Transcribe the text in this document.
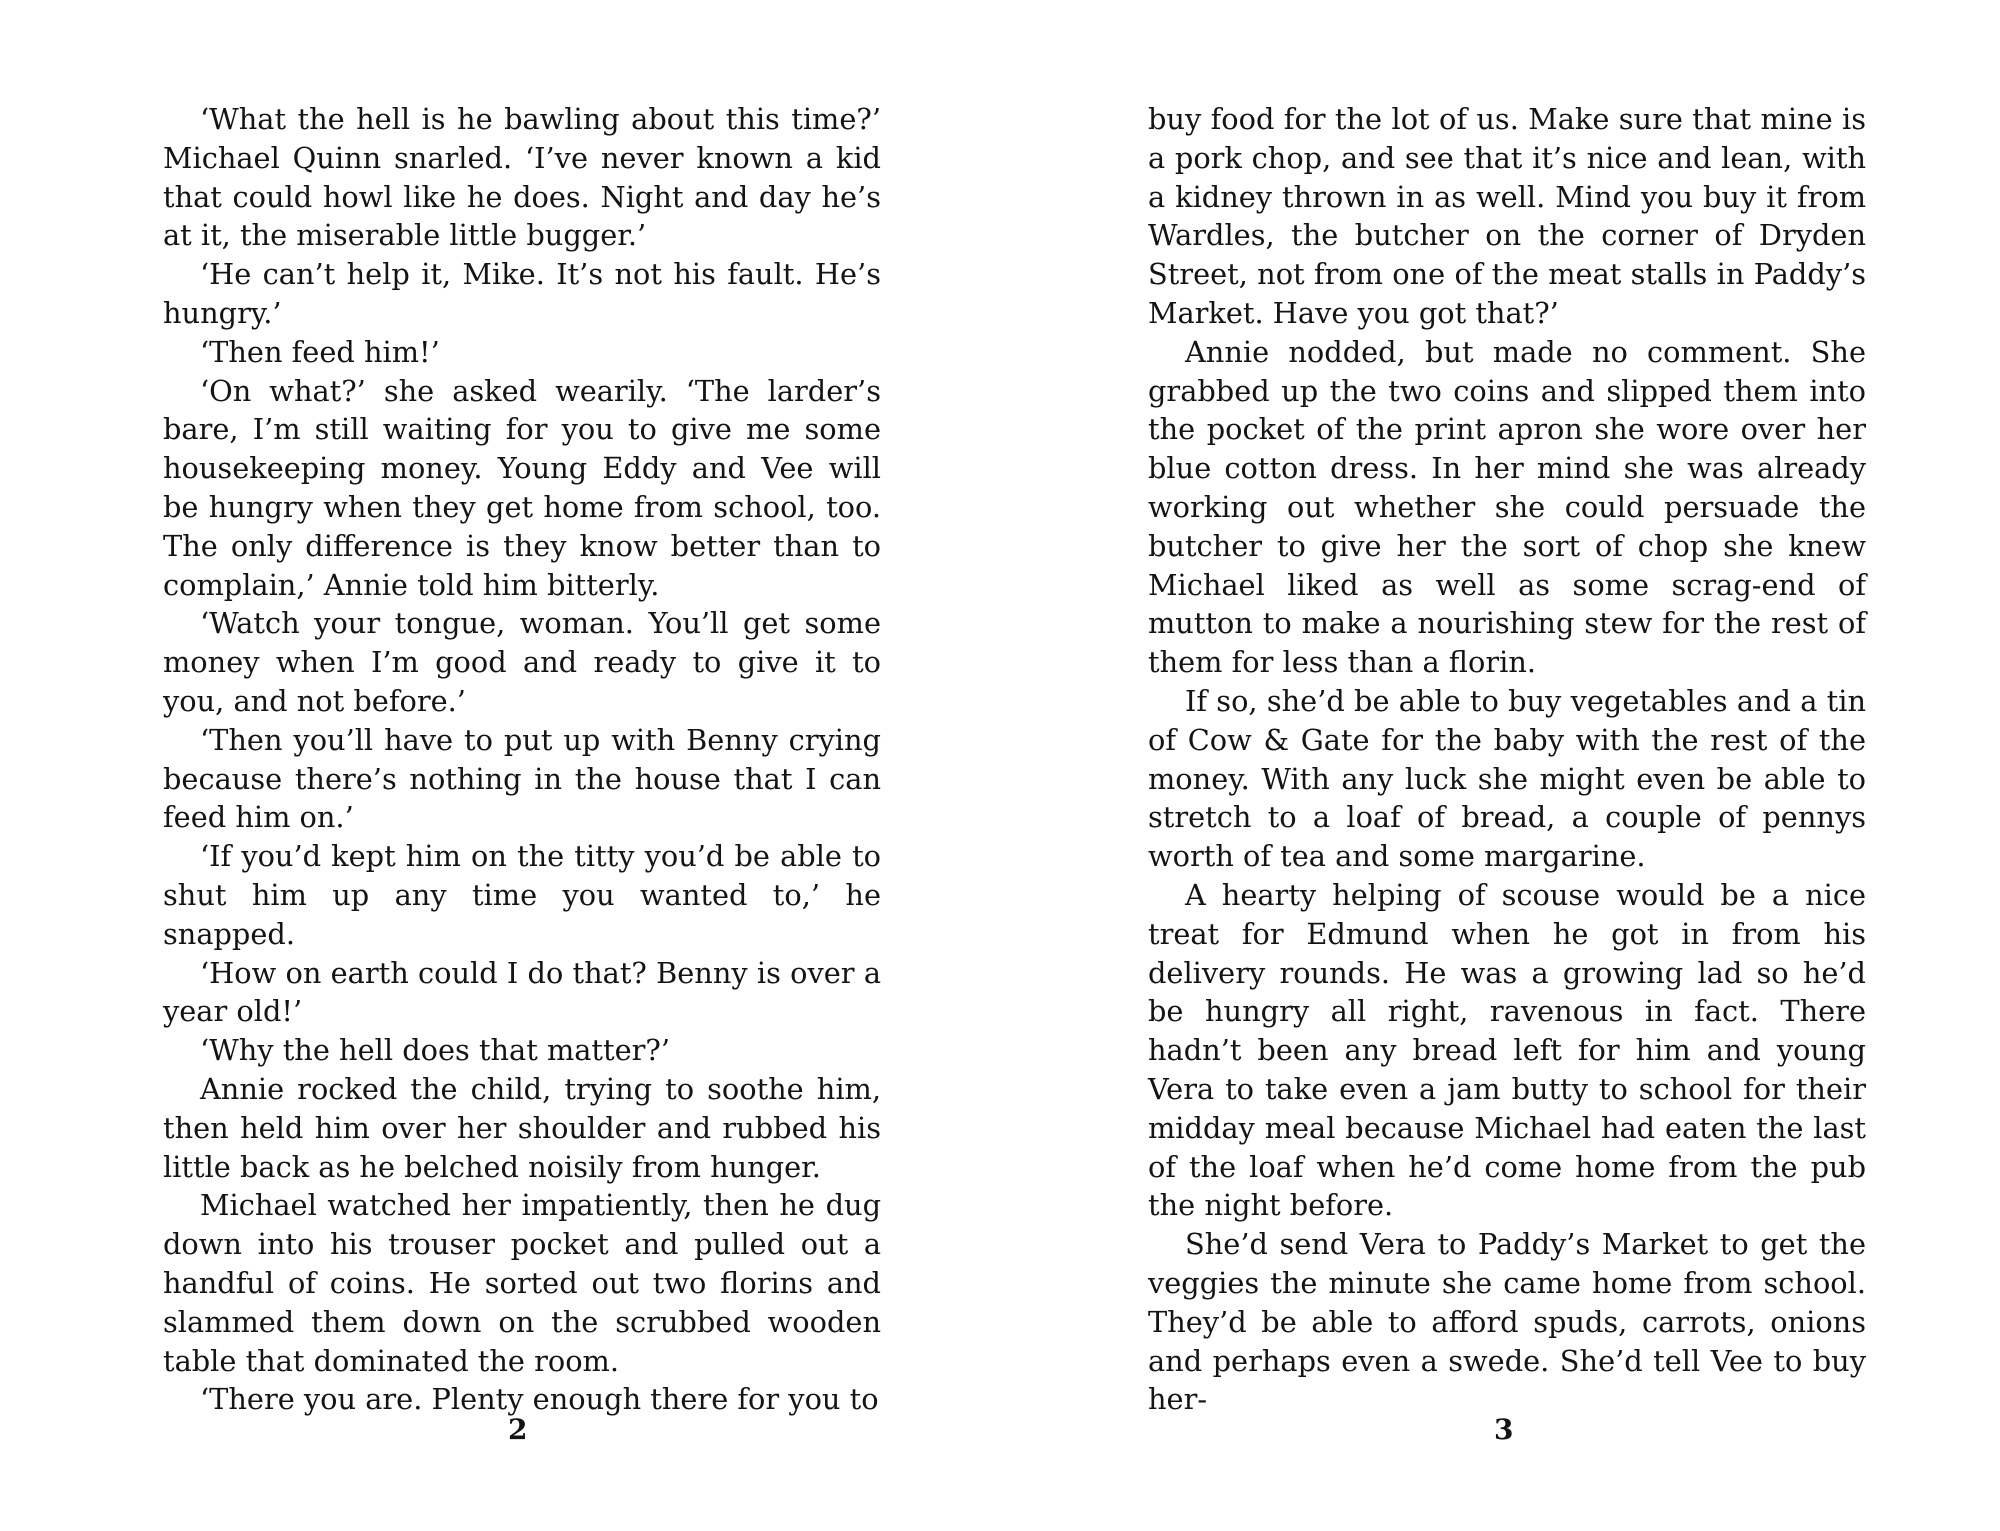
‘What the hell is he bawling about this time?’ Michael Quinn snarled. ‘I’ve never known a kid that could howl like he does. Night and day he’s at it, the miserable little bugger.’

‘He can’t help it, Mike. It’s not his fault. He’s hungry.’

‘Then feed him!’

‘On what?’ she asked wearily. ‘The larder’s bare, I’m still waiting for you to give me some housekeeping money. Young Eddy and Vee will be hungry when they get home from school, too. The only difference is they know better than to complain,’ Annie told him bitterly.

‘Watch your tongue, woman. You’ll get some money when I’m good and ready to give it to you, and not before.’

‘Then you’ll have to put up with Benny crying because there’s nothing in the house that I can feed him on.’

‘If you’d kept him on the titty you’d be able to shut him up any time you wanted to,’ he snapped.

‘How on earth could I do that? Benny is over a year old!’

‘Why the hell does that matter?’

Annie rocked the child, trying to soothe him, then held him over her shoulder and rubbed his little back as he belched noisily from hunger.

Michael watched her impatiently, then he dug down into his trouser pocket and pulled out a handful of coins. He sorted out two florins and slammed them down on the scrubbed wooden table that dominated the room.

‘There you are. Plenty enough there for you to

2

buy food for the lot of us. Make sure that mine is a pork chop, and see that it’s nice and lean, with a kidney thrown in as well. Mind you buy it from Wardles, the butcher on the corner of Dryden Street, not from one of the meat stalls in Paddy’s Market. Have you got that?’

Annie nodded, but made no comment. She grabbed up the two coins and slipped them into the pocket of the print apron she wore over her blue cotton dress. In her mind she was already working out whether she could persuade the butcher to give her the sort of chop she knew Michael liked as well as some scrag-end of mutton to make a nourishing stew for the rest of them for less than a florin.

If so, she’d be able to buy vegetables and a tin of Cow & Gate for the baby with the rest of the money. With any luck she might even be able to stretch to a loaf of bread, a couple of pennys worth of tea and some margarine.

A hearty helping of scouse would be a nice treat for Edmund when he got in from his delivery rounds. He was a growing lad so he’d be hungry all right, ravenous in fact. There hadn’t been any bread left for him and young Vera to take even a jam butty to school for their midday meal because Michael had eaten the last of the loaf when he’d come home from the pub the night before.

She’d send Vera to Paddy’s Market to get the veggies the minute she came home from school. They’d be able to afford spuds, carrots, onions and perhaps even a swede. She’d tell Vee to buy her-

3
